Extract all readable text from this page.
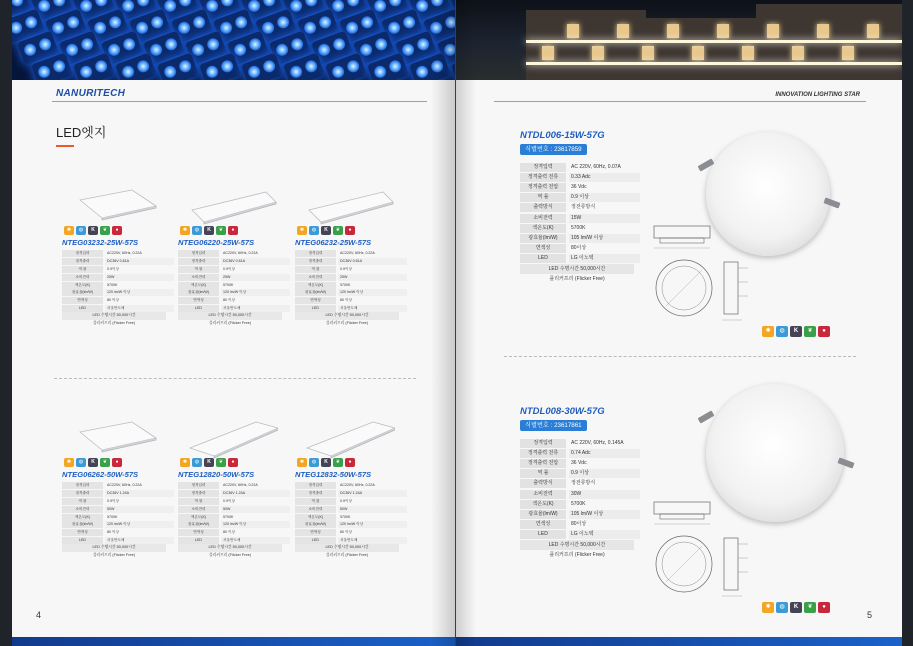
NANURITECH
LED엣지
✺	◍	K	❦	●
NTEG03232-25W-57S
정격입력	AC220V, 60Hz, 0.22A
정격출력	DC36V 0.61A
역 률	0.9이상
소비전력	25W
색온도(K)	5700K
광효율(lm/W)	120 lm/W 이상
연색성	80 이상
LED	서울반도체
LED 수명시간 50,000시간
플리커프리 (Flicker Free)
✺	◍	K	❦	●
NTEG06220-25W-57S
정격입력	AC220V, 60Hz, 0.22A
정격출력	DC36V 0.61A
역 률	0.9이상
소비전력	25W
색온도(K)	5700K
광효율(lm/W)	120 lm/W 이상
연색성	80 이상
LED	서울반도체
LED 수명시간 50,000시간
플리커프리 (Flicker Free)
✺	◍	K	❦	●
NTEG06232-25W-57S
정격입력	AC220V, 60Hz, 0.22A
정격출력	DC36V 0.61A
역 률	0.9이상
소비전력	25W
색온도(K)	5700K
광효율(lm/W)	120 lm/W 이상
연색성	80 이상
LED	서울반도체
LED 수명시간 50,000시간
플리커프리 (Flicker Free)
✺	◍	K	❦	●
NTEG06262-50W-57S
정격입력	AC220V, 60Hz, 0.22A
정격출력	DC36V 1.24A
역 률	0.9이상
소비전력	50W
색온도(K)	5700K
광효율(lm/W)	120 lm/W 이상
연색성	80 이상
LED	서울반도체
LED 수명시간 50,000시간
플리커프리 (Flicker Free)
✺	◍	K	❦	●
NTEG12820-50W-57S
정격입력	AC220V, 60Hz, 0.22A
정격출력	DC36V 1.24A
역 률	0.9이상
소비전력	50W
색온도(K)	5700K
광효율(lm/W)	120 lm/W 이상
연색성	80 이상
LED	서울반도체
LED 수명시간 50,000시간
플리커프리 (Flicker Free)
✺	◍	K	❦	●
NTEG12832-50W-57S
정격입력	AC220V, 60Hz, 0.22A
정격출력	DC36V 1.24A
역 률	0.9이상
소비전력	50W
색온도(K)	5700K
광효율(lm/W)	120 lm/W 이상
연색성	80 이상
LED	서울반도체
LED 수명시간 50,000시간
플리커프리 (Flicker Free)
4
INNOVATION LIGHTING STAR
NTDL006-15W-57G
식별번호 : 23617859
정격입력	AC 220V, 60Hz, 0.07A
정격출력 전류	0.33 Adc
정격출력 전압	36 Vdc
역 률	0.9 이상
출력방식	정전류방식
소비전력	15W
색온도(K)	5700K
광효율(lm/W)	105 lm/W 이상
연색성	80이상
LED	LG 이노텍
LED 수명시간 50,000시간
플리커프리 (Flicker Free)
✺	◍	K	❦	●
NTDL008-30W-57G
식별번호 : 23617861
정격입력	AC 220V, 60Hz, 0.145A
정격출력 전류	0.74 Adc
정격출력 전압	36 Vdc
역 률	0.9 이상
출력방식	정전류방식
소비전력	30W
색온도(K)	5700K
광효율(lm/W)	105 lm/W 이상
연색성	80이상
LED	LG 이노텍
LED 수명시간 50,000시간
플리커프리 (Flicker Free)
✺	◍	K	❦	●
5
